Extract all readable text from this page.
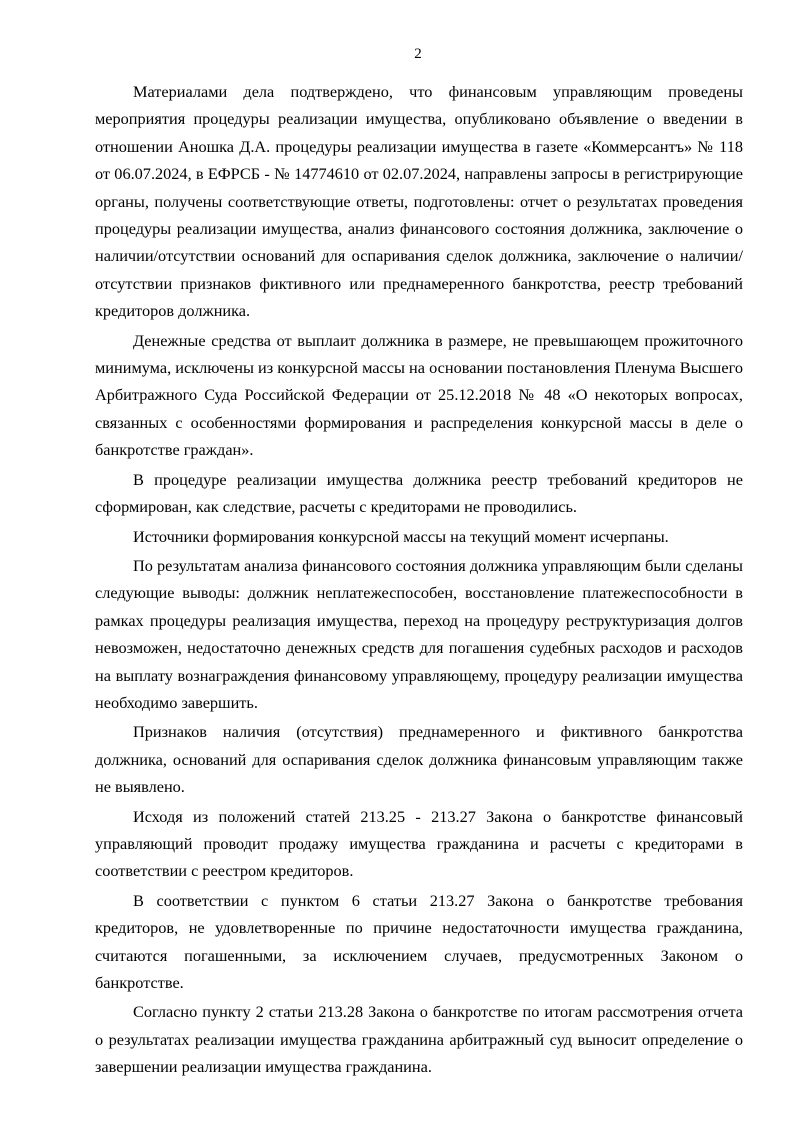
2

Материалами дела подтверждено, что финансовым управляющим проведены мероприятия процедуры реализации имущества, опубликовано объявление о введении в отношении Аношка Д.А. процедуры реализации имущества в газете «Коммерсантъ» № 118 от 06.07.2024, в ЕФРСБ - № 14774610 от 02.07.2024, направлены запросы в регистрирующие органы, получены соответствующие ответы, подготовлены: отчет о результатах проведения процедуры реализации имущества, анализ финансового состояния должника, заключение о наличии/отсутствии оснований для оспаривания сделок должника, заключение о наличии/отсутствии признаков фиктивного или преднамеренного банкротства, реестр требований кредиторов должника.

Денежные средства от выплаит должника в размере, не превышающем прожиточного минимума, исключены из конкурсной массы на основании постановления Пленума Высшего Арбитражного Суда Российской Федерации от 25.12.2018 № 48 «О некоторых вопросах, связанных с особенностями формирования и распределения конкурсной массы в деле о банкротстве граждан».

В процедуре реализации имущества должника реестр требований кредиторов не сформирован, как следствие, расчеты с кредиторами не проводились.

Источники формирования конкурсной массы на текущий момент исчерпаны.

По результатам анализа финансового состояния должника управляющим были сделаны следующие выводы: должник неплатежеспособен, восстановление платежеспособности в рамках процедуры реализация имущества, переход на процедуру реструктуризация долгов невозможен, недостаточно денежных средств для погашения судебных расходов и расходов на выплату вознаграждения финансовому управляющему, процедуру реализации имущества необходимо завершить.

Признаков наличия (отсутствия) преднамеренного и фиктивного банкротства должника, оснований для оспаривания сделок должника финансовым управляющим также не выявлено.

Исходя из положений статей 213.25 - 213.27 Закона о банкротстве финансовый управляющий проводит продажу имущества гражданина и расчеты с кредиторами в соответствии с реестром кредиторов.

В соответствии с пунктом 6 статьи 213.27 Закона о банкротстве требования кредиторов, не удовлетворенные по причине недостаточности имущества гражданина, считаются погашенными, за исключением случаев, предусмотренных Законом о банкротстве.

Согласно пункту 2 статьи 213.28 Закона о банкротстве по итогам рассмотрения отчета о результатах реализации имущества гражданина арбитражный суд выносит определение о завершении реализации имущества гражданина.
